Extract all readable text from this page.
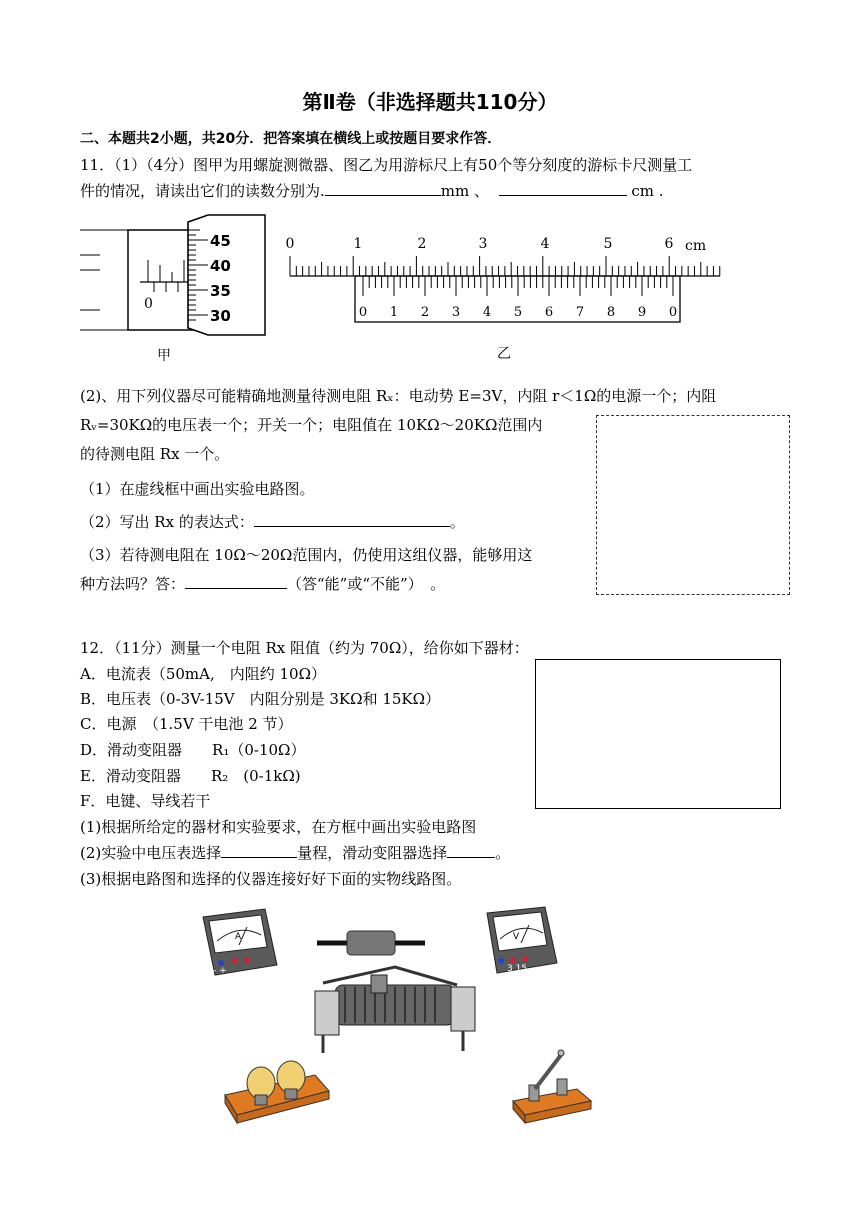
第Ⅱ卷（非选择题共110分）
二、本题共2小题，共20分．把答案填在横线上或按题目要求作答．
11．（1）（4分）图甲为用螺旋测微器、图乙为用游标尺上有50个等分刻度的游标卡尺测量工
件的情况，请读出它们的读数分别为.	mm 、	cm .
0
45
40
35
30
甲
0	1	2	3	4	5	6 cm
0 1 2 3 4 5 6 7 8 9 0
乙
(2)、用下列仪器尽可能精确地测量待测电阻 Rₓ：电动势 E=3V，内阻 r＜1Ω的电源一个；内阻
Rᵥ=30KΩ的电压表一个；开关一个；电阻值在 10KΩ～20KΩ范围内
的待测电阻 Rx 一个。
（1）在虚线框中画出实验电路图。
（2）写出 Rx 的表达式：	。
（3）若待测电阻在 10Ω～20Ω范围内，仍使用这组仪器，能够用这
种方法吗？答：	（答“能”或“不能”）　。
12．（11分）测量一个电阻 Rx 阻值（约为 70Ω），给你如下器材：
A．电流表（50mA,　内阻约 10Ω）
B．电压表（0-3V-15V　内阻分别是 3KΩ和 15KΩ）
C．电源　（1.5V 干电池 2 节）
D．滑动变阻器　　R₁（0-10Ω）
E．滑动变阻器　　R₂　(0-1kΩ)
F．电键、导线若干
(1)根据所给定的器材和实验要求，在方框中画出实验电路图
(2)实验中电压表选择	量程，滑动变阻器选择	。
(3)根据电路图和选择的仪器连接好好下面的实物线路图。
A
- +
V
3 15
